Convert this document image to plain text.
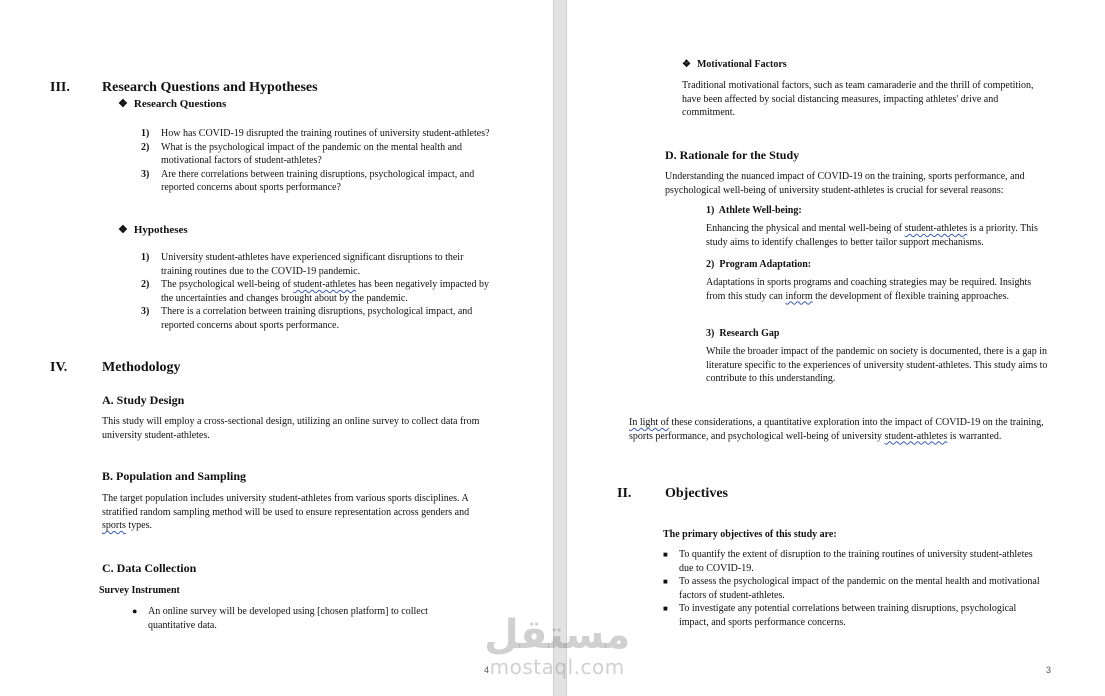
III. Research Questions and Hypotheses
❖ Research Questions
1) How has COVID-19 disrupted the training routines of university student-athletes?
2) What is the psychological impact of the pandemic on the mental health and motivational factors of student-athletes?
3) Are there correlations between training disruptions, psychological impact, and reported concerns about sports performance?
❖ Hypotheses
1) University student-athletes have experienced significant disruptions to their training routines due to the COVID-19 pandemic.
2) The psychological well-being of student-athletes has been negatively impacted by the uncertainties and changes brought about by the pandemic.
3) There is a correlation between training disruptions, psychological impact, and reported concerns about sports performance.
IV. Methodology
A. Study Design
This study will employ a cross-sectional design, utilizing an online survey to collect data from university student-athletes.
B. Population and Sampling
The target population includes university student-athletes from various sports disciplines. A stratified random sampling method will be used to ensure representation across genders and sports types.
C. Data Collection
Survey Instrument
● An online survey will be developed using [chosen platform] to collect quantitative data.
4
❖ Motivational Factors
Traditional motivational factors, such as team camaraderie and the thrill of competition, have been affected by social distancing measures, impacting athletes' drive and commitment.
D. Rationale for the Study
Understanding the nuanced impact of COVID-19 on the training, sports performance, and psychological well-being of university student-athletes is crucial for several reasons:
1) Athlete Well-being:
Enhancing the physical and mental well-being of student-athletes is a priority. This study aims to identify challenges to better tailor support mechanisms.
2) Program Adaptation:
Adaptations in sports programs and coaching strategies may be required. Insights from this study can inform the development of flexible training approaches.
3) Research Gap
While the broader impact of the pandemic on society is documented, there is a gap in literature specific to the experiences of university student-athletes. This study aims to contribute to this understanding.
In light of these considerations, a quantitative exploration into the impact of COVID-19 on the training, sports performance, and psychological well-being of university student-athletes is warranted.
II. Objectives
The primary objectives of this study are:
■ To quantify the extent of disruption to the training routines of university student-athletes due to COVID-19.
■ To assess the psychological impact of the pandemic on the mental health and motivational factors of student-athletes.
■ To investigate any potential correlations between training disruptions, psychological impact, and sports performance concerns.
3
مستقل
mostaql.com
